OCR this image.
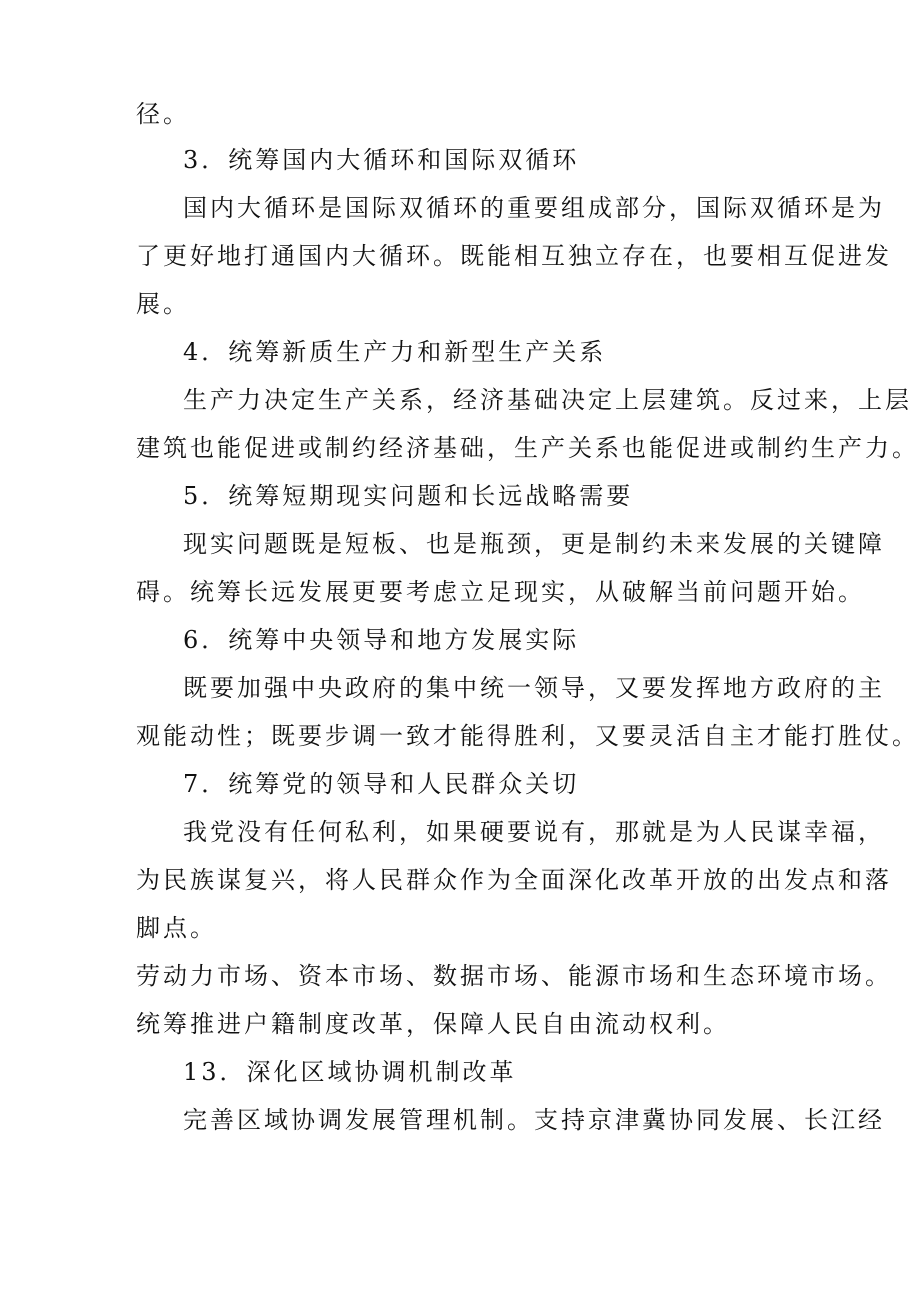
径。

3．统筹国内大循环和国际双循环

国内大循环是国际双循环的重要组成部分，国际双循环是为

了更好地打通国内大循环。既能相互独立存在，也要相互促进发

展。

4．统筹新质生产力和新型生产关系

生产力决定生产关系，经济基础决定上层建筑。反过来，上层

建筑也能促进或制约经济基础，生产关系也能促进或制约生产力。

5．统筹短期现实问题和长远战略需要

现实问题既是短板、也是瓶颈，更是制约未来发展的关键障

碍。统筹长远发展更要考虑立足现实，从破解当前问题开始。

6．统筹中央领导和地方发展实际

既要加强中央政府的集中统一领导，又要发挥地方政府的主

观能动性；既要步调一致才能得胜利，又要灵活自主才能打胜仗。

7．统筹党的领导和人民群众关切

我党没有任何私利，如果硬要说有，那就是为人民谋幸福，

为民族谋复兴，将人民群众作为全面深化改革开放的出发点和落

脚点。

劳动力市场、资本市场、数据市场、能源市场和生态环境市场。

统筹推进户籍制度改革，保障人民自由流动权利。

13．深化区域协调机制改革

完善区域协调发展管理机制。支持京津冀协同发展、长江经
